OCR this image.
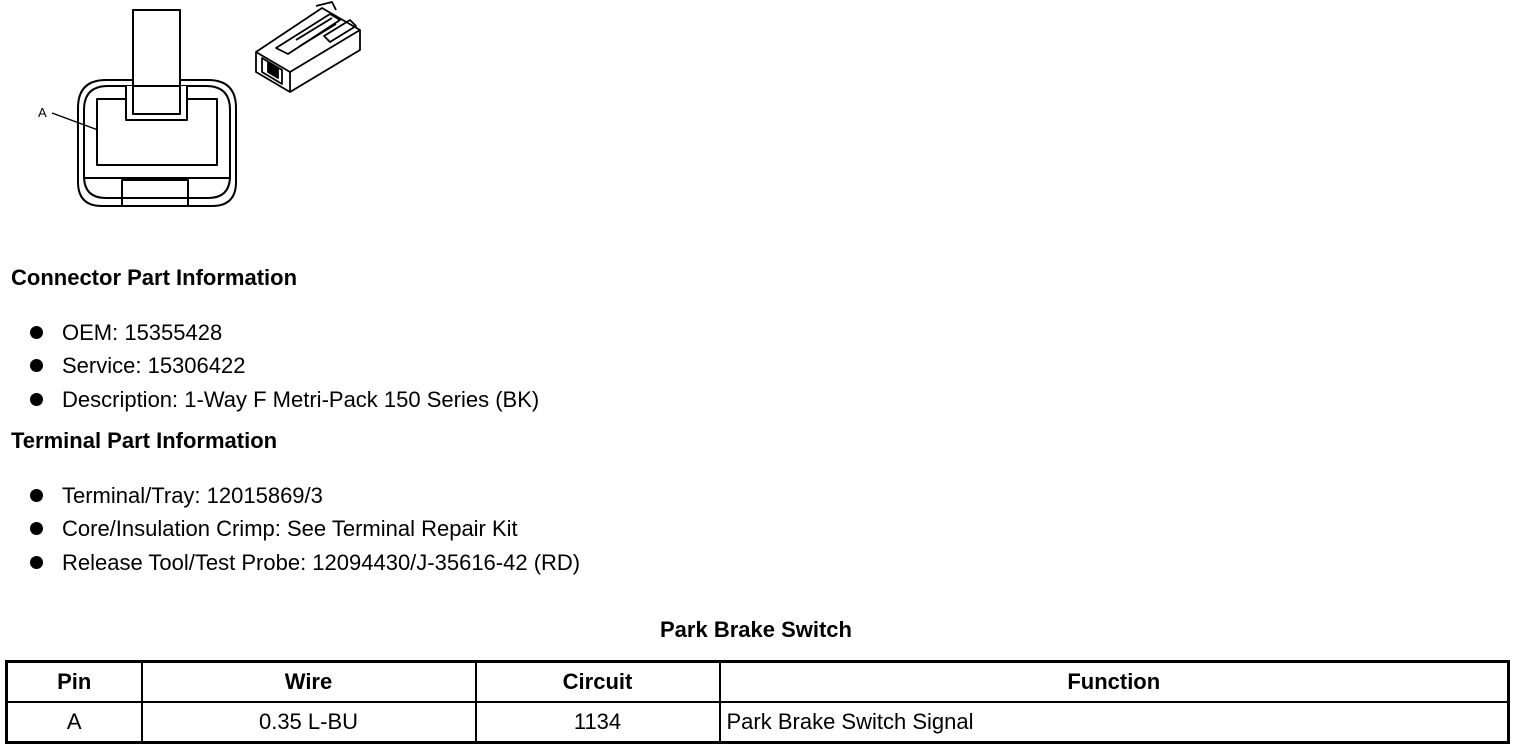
A
Connector Part Information
OEM: 15355428
Service: 15306422
Description: 1-Way F Metri-Pack 150 Series (BK)
Terminal Part Information
Terminal/Tray: 12015869/3
Core/Insulation Crimp: See Terminal Repair Kit
Release Tool/Test Probe: 12094430/J-35616-42 (RD)
Park Brake Switch
Pin	Wire	Circuit	Function
A	0.35 L-BU	1134	Park Brake Switch Signal
